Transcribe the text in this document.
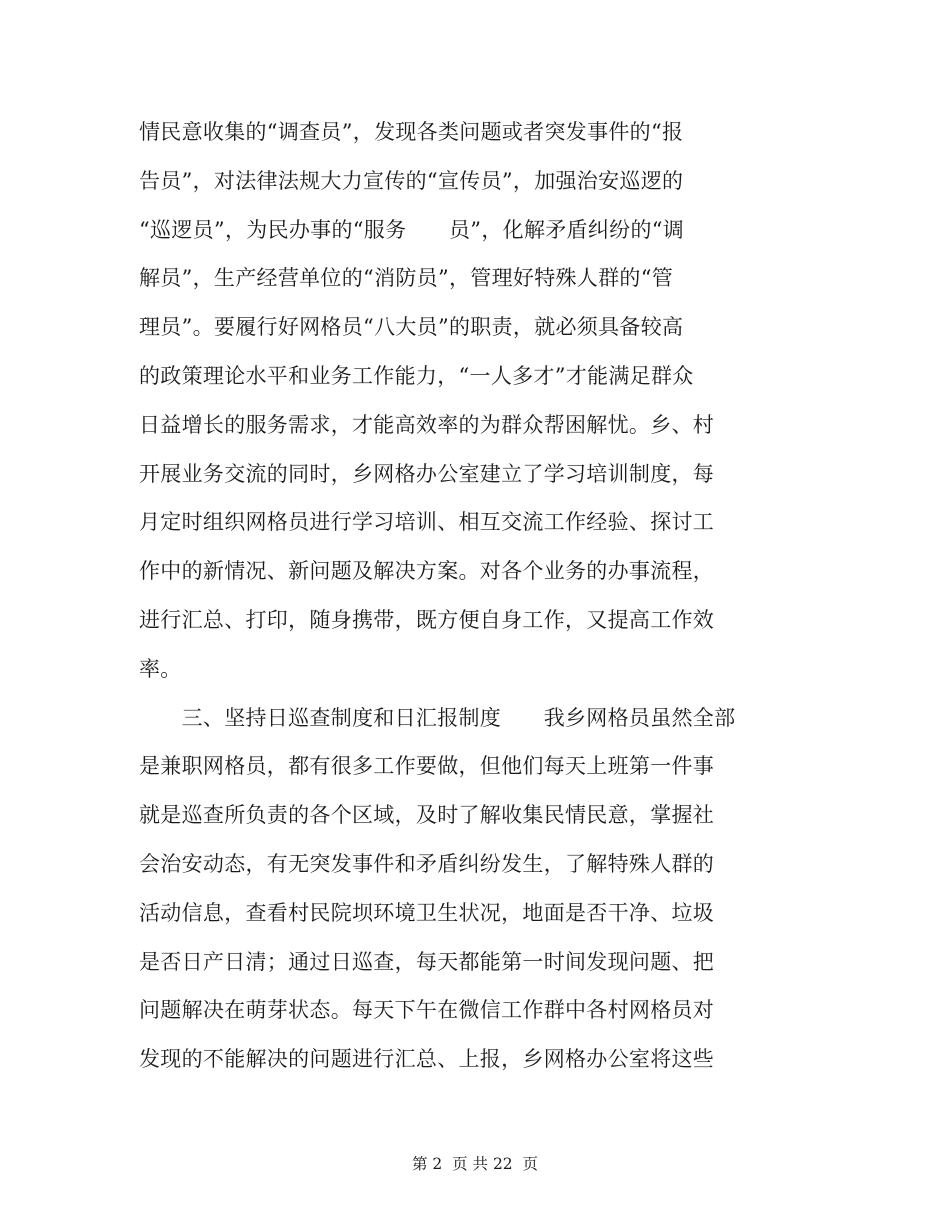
情民意收集的“调查员”，发现各类问题或者突发事件的“报
告员”，对法律法规大力宣传的“宣传员”，加强治安巡逻的
“巡逻员”，为民办事的“服务　　员”，化解矛盾纠纷的“调
解员”，生产经营单位的“消防员”，管理好特殊人群的“管
理员”。要履行好网格员“八大员”的职责，就必须具备较高
的政策理论水平和业务工作能力，“一人多才”才能满足群众
日益增长的服务需求，才能高效率的为群众帮困解忧。乡、村
开展业务交流的同时，乡网格办公室建立了学习培训制度，每
月定时组织网格员进行学习培训、相互交流工作经验、探讨工
作中的新情况、新问题及解决方案。对各个业务的办事流程，
进行汇总、打印，随身携带，既方便自身工作，又提高工作效
率。
　　三、坚持日巡查制度和日汇报制度　　我乡网格员虽然全部
是兼职网格员，都有很多工作要做，但他们每天上班第一件事
就是巡查所负责的各个区域，及时了解收集民情民意，掌握社
会治安动态，有无突发事件和矛盾纠纷发生，了解特殊人群的
活动信息，查看村民院坝环境卫生状况，地面是否干净、垃圾
是否日产日清；通过日巡查，每天都能第一时间发现问题、把
问题解决在萌芽状态。每天下午在微信工作群中各村网格员对
发现的不能解决的问题进行汇总、上报，乡网格办公室将这些
第 2  页 共 22  页
